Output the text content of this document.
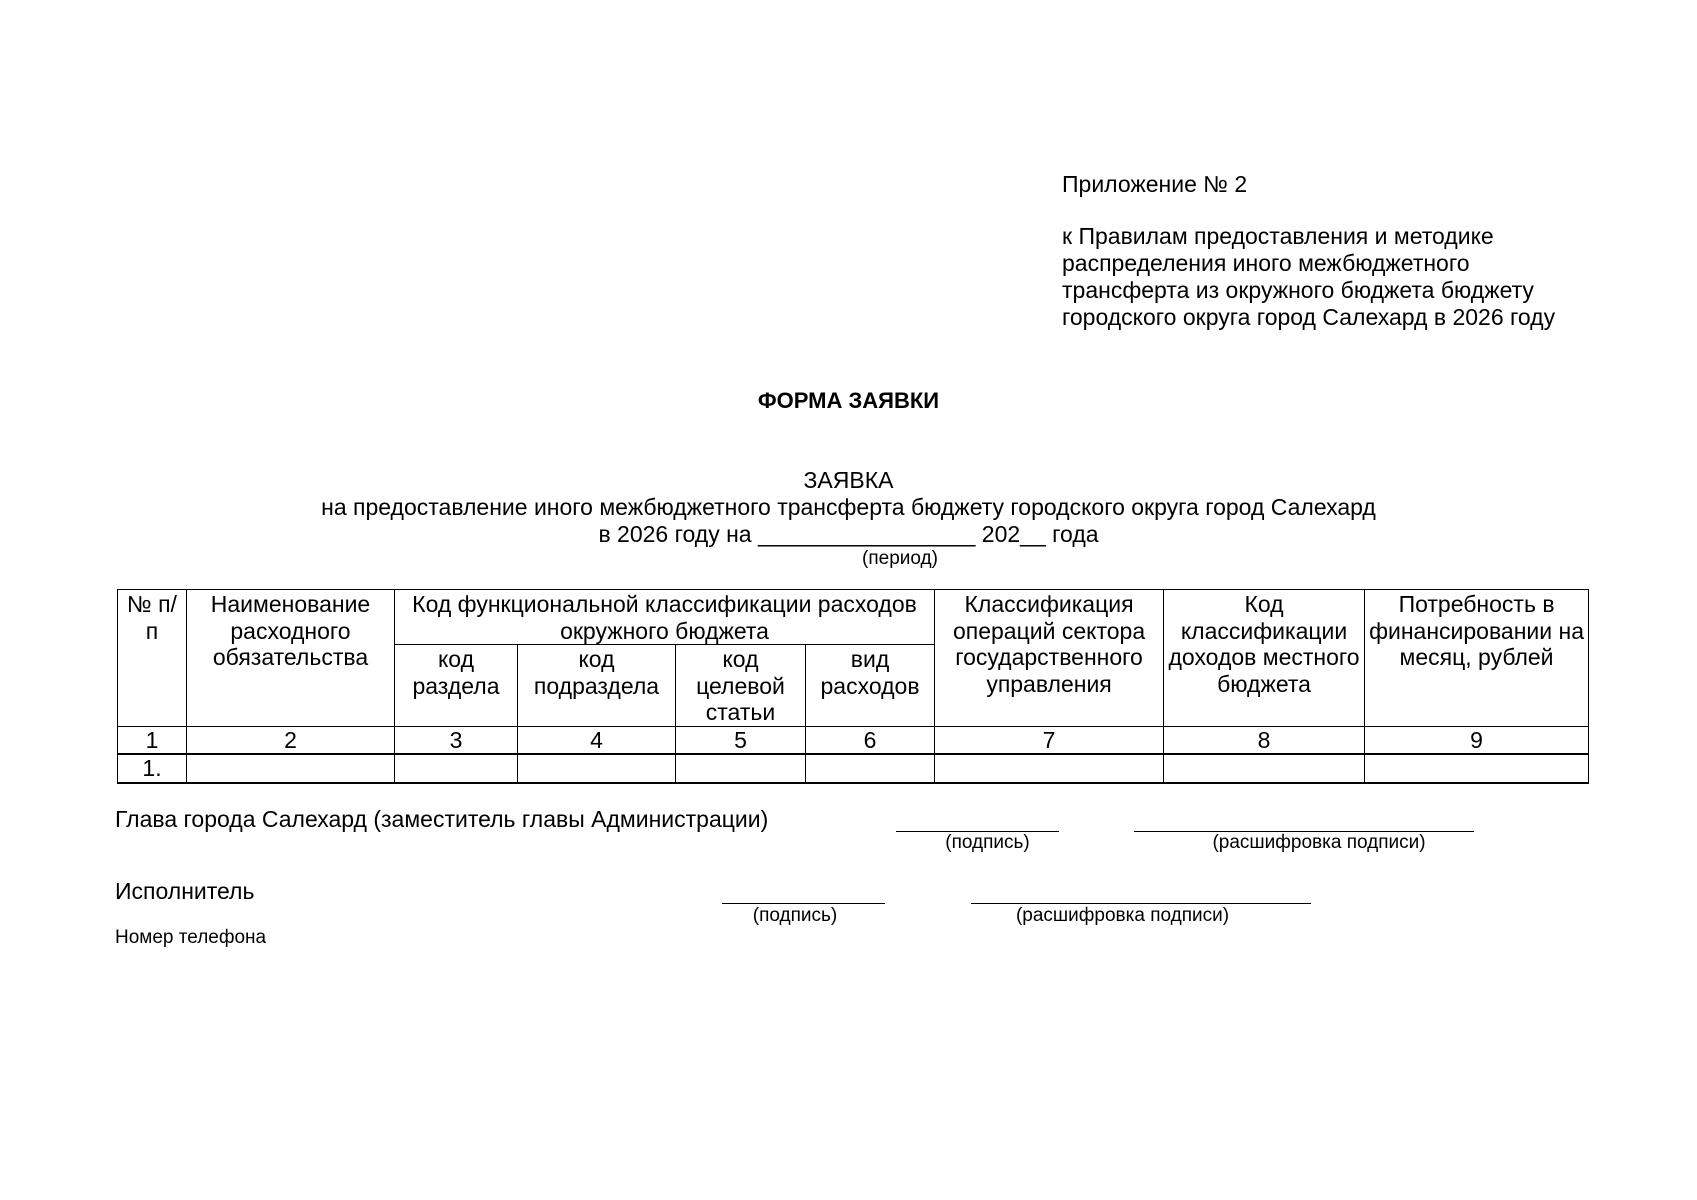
Приложение № 2
к Правилам предоставления и методике
распределения иного межбюджетного
трансферта из окружного бюджета бюджету
городского округа город Салехард в 2026 году
ФОРМА ЗАЯВКИ
ЗАЯВКА
на предоставление иного межбюджетного трансферта бюджету городского округа город Салехард
в 2026 году на _________________ 202__ года
(период)
№ п/п	Наименование расходного обязательства	Код функциональной классификации расходов окружного бюджета				Классификация операций сектора государственного управления	Код классификации доходов местного бюджета	Потребность в финансировании на месяц, рублей
		код раздела	код подраздела	код целевой статьи	вид расходов			
1	2	3	4	5	6	7	8	9
1.								
Глава города Салехард (заместитель главы Администрации)
(подпись)	(расшифровка подписи)
Исполнитель
(подпись)	(расшифровка подписи)
Номер телефона
